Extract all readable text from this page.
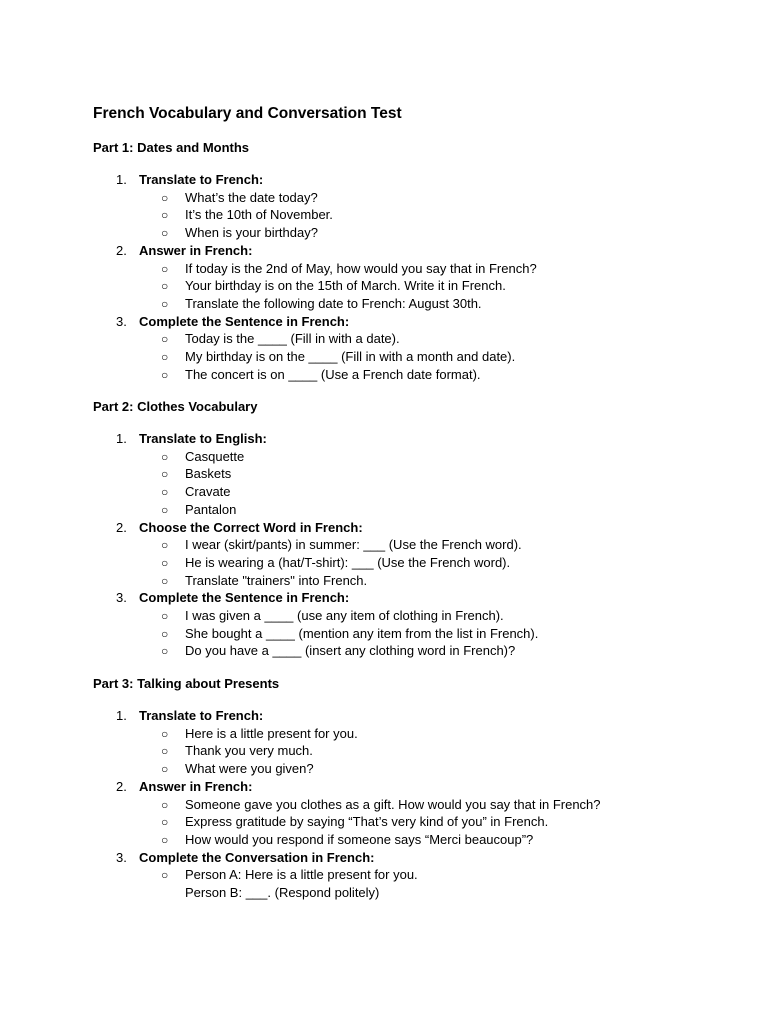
French Vocabulary and Conversation Test
Part 1: Dates and Months
1. Translate to French:
○ What’s the date today?
○ It’s the 10th of November.
○ When is your birthday?
2. Answer in French:
○ If today is the 2nd of May, how would you say that in French?
○ Your birthday is on the 15th of March. Write it in French.
○ Translate the following date to French: August 30th.
3. Complete the Sentence in French:
○ Today is the ____ (Fill in with a date).
○ My birthday is on the ____ (Fill in with a month and date).
○ The concert is on ____ (Use a French date format).
Part 2: Clothes Vocabulary
1. Translate to English:
○ Casquette
○ Baskets
○ Cravate
○ Pantalon
2. Choose the Correct Word in French:
○ I wear (skirt/pants) in summer: ___ (Use the French word).
○ He is wearing a (hat/T-shirt): ___ (Use the French word).
○ Translate "trainers" into French.
3. Complete the Sentence in French:
○ I was given a ____ (use any item of clothing in French).
○ She bought a ____ (mention any item from the list in French).
○ Do you have a ____ (insert any clothing word in French)?
Part 3: Talking about Presents
1. Translate to French:
○ Here is a little present for you.
○ Thank you very much.
○ What were you given?
2. Answer in French:
○ Someone gave you clothes as a gift. How would you say that in French?
○ Express gratitude by saying “That’s very kind of you” in French.
○ How would you respond if someone says “Merci beaucoup”?
3. Complete the Conversation in French:
○ Person A: Here is a little present for you.
Person B: ___. (Respond politely)
